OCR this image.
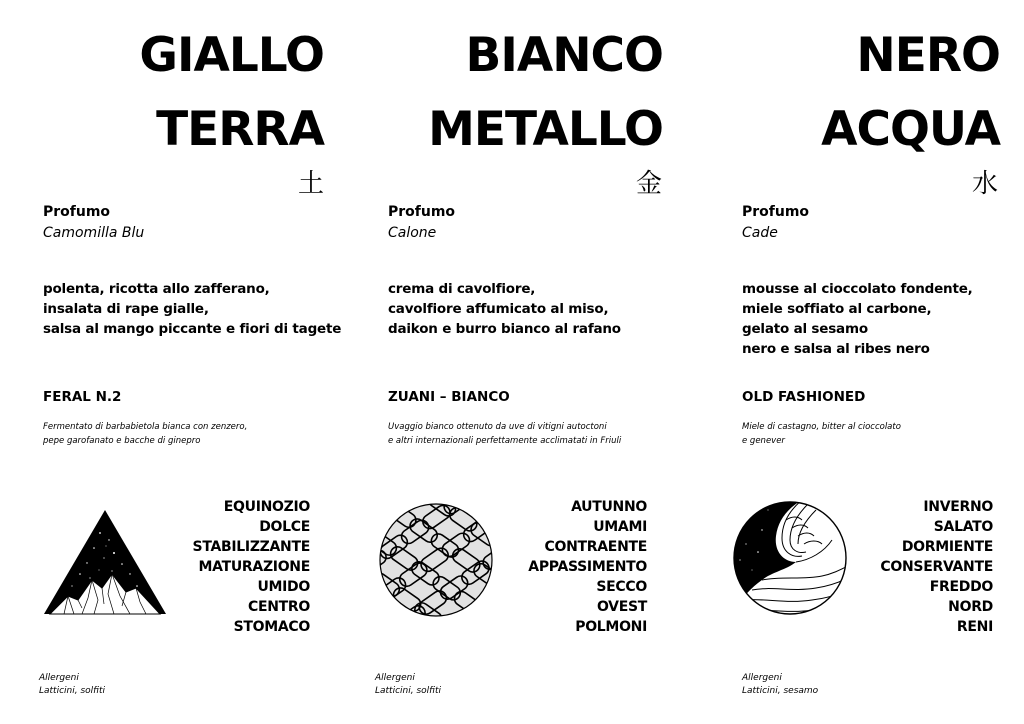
GIALLO
TERRA
土
Profumo
Camomilla Blu
polenta, ricotta allo zafferano,
insalata di rape gialle,
salsa al mango piccante e fiori di tagete
FERAL N.2
Fermentato di barbabietola bianca con zenzero,
pepe garofanato e bacche di ginepro
EQUINOZIO
DOLCE
STABILIZZANTE
MATURAZIONE
UMIDO
CENTRO
STOMACO
Allergeni
Latticini, solfiti
BIANCO
METALLO
金
Profumo
Calone
crema di cavolfiore,
cavolfiore affumicato al miso,
daikon e burro bianco al rafano
ZUANI – BIANCO
Uvaggio bianco ottenuto da uve di vitigni autoctoni
e altri internazionali perfettamente acclimatati in Friuli
AUTUNNO
UMAMI
CONTRAENTE
APPASSIMENTO
SECCO
OVEST
POLMONI
Allergeni
Latticini, solfiti
NERO
ACQUA
水
Profumo
Cade
mousse al cioccolato fondente,
miele soffiato al carbone,
gelato al sesamo
nero e salsa al ribes nero
OLD FASHIONED
Miele di castagno, bitter al cioccolato
e genever
INVERNO
SALATO
DORMIENTE
CONSERVANTE
FREDDO
NORD
RENI
Allergeni
Latticini, sesamo
